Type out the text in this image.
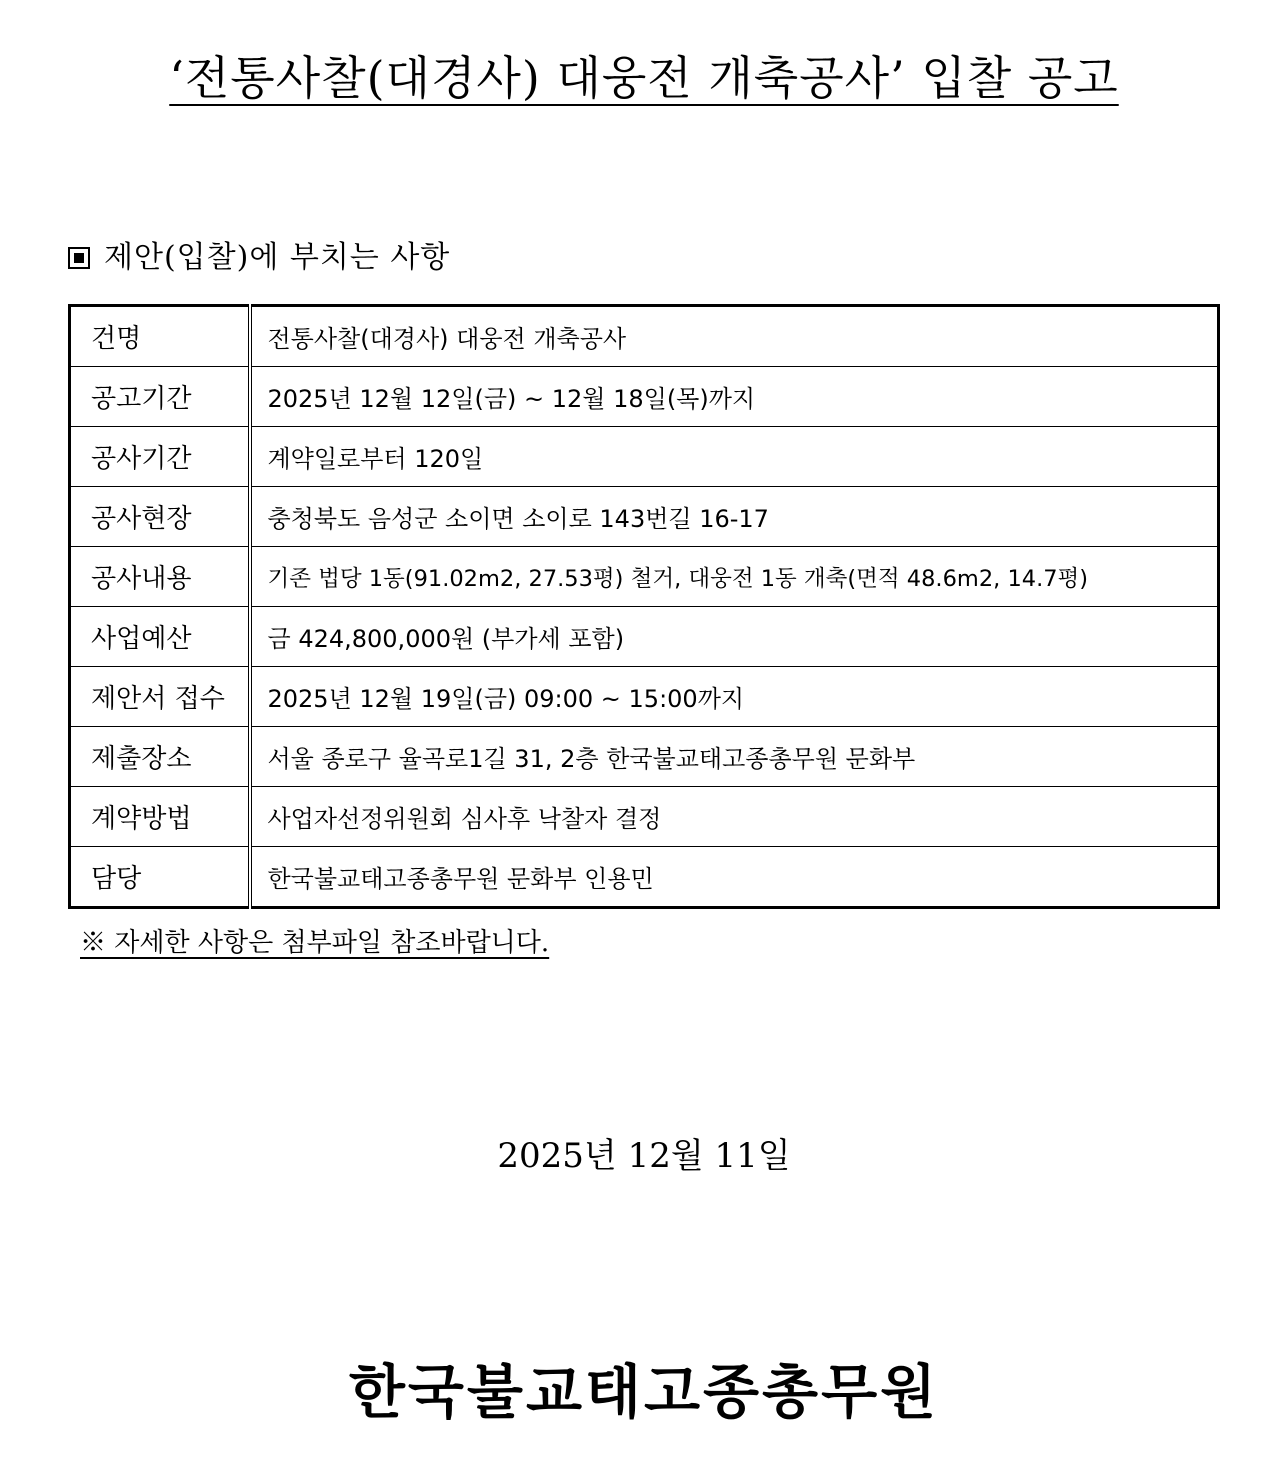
‘전통사찰(대경사) 대웅전 개축공사’ 입찰 공고
제안(입찰)에 부치는 사항
건명	전통사찰(대경사) 대웅전 개축공사
공고기간	2025년 12월 12일(금) ~ 12월 18일(목)까지
공사기간	계약일로부터 120일
공사현장	충청북도 음성군 소이면 소이로 143번길 16-17
공사내용	기존 법당 1동(91.02m2, 27.53평) 철거, 대웅전 1동 개축(면적 48.6m2, 14.7평)
사업예산	금 424,800,000원 (부가세 포함)
제안서 접수	2025년 12월 19일(금) 09:00 ~ 15:00까지
제출장소	서울 종로구 율곡로1길 31, 2층 한국불교태고종총무원 문화부
계약방법	사업자선정위원회 심사후 낙찰자 결정
담당	한국불교태고종총무원 문화부 인용민
※ 자세한 사항은 첨부파일 참조바랍니다.
2025년 12월 11일
한국불교태고종총무원
